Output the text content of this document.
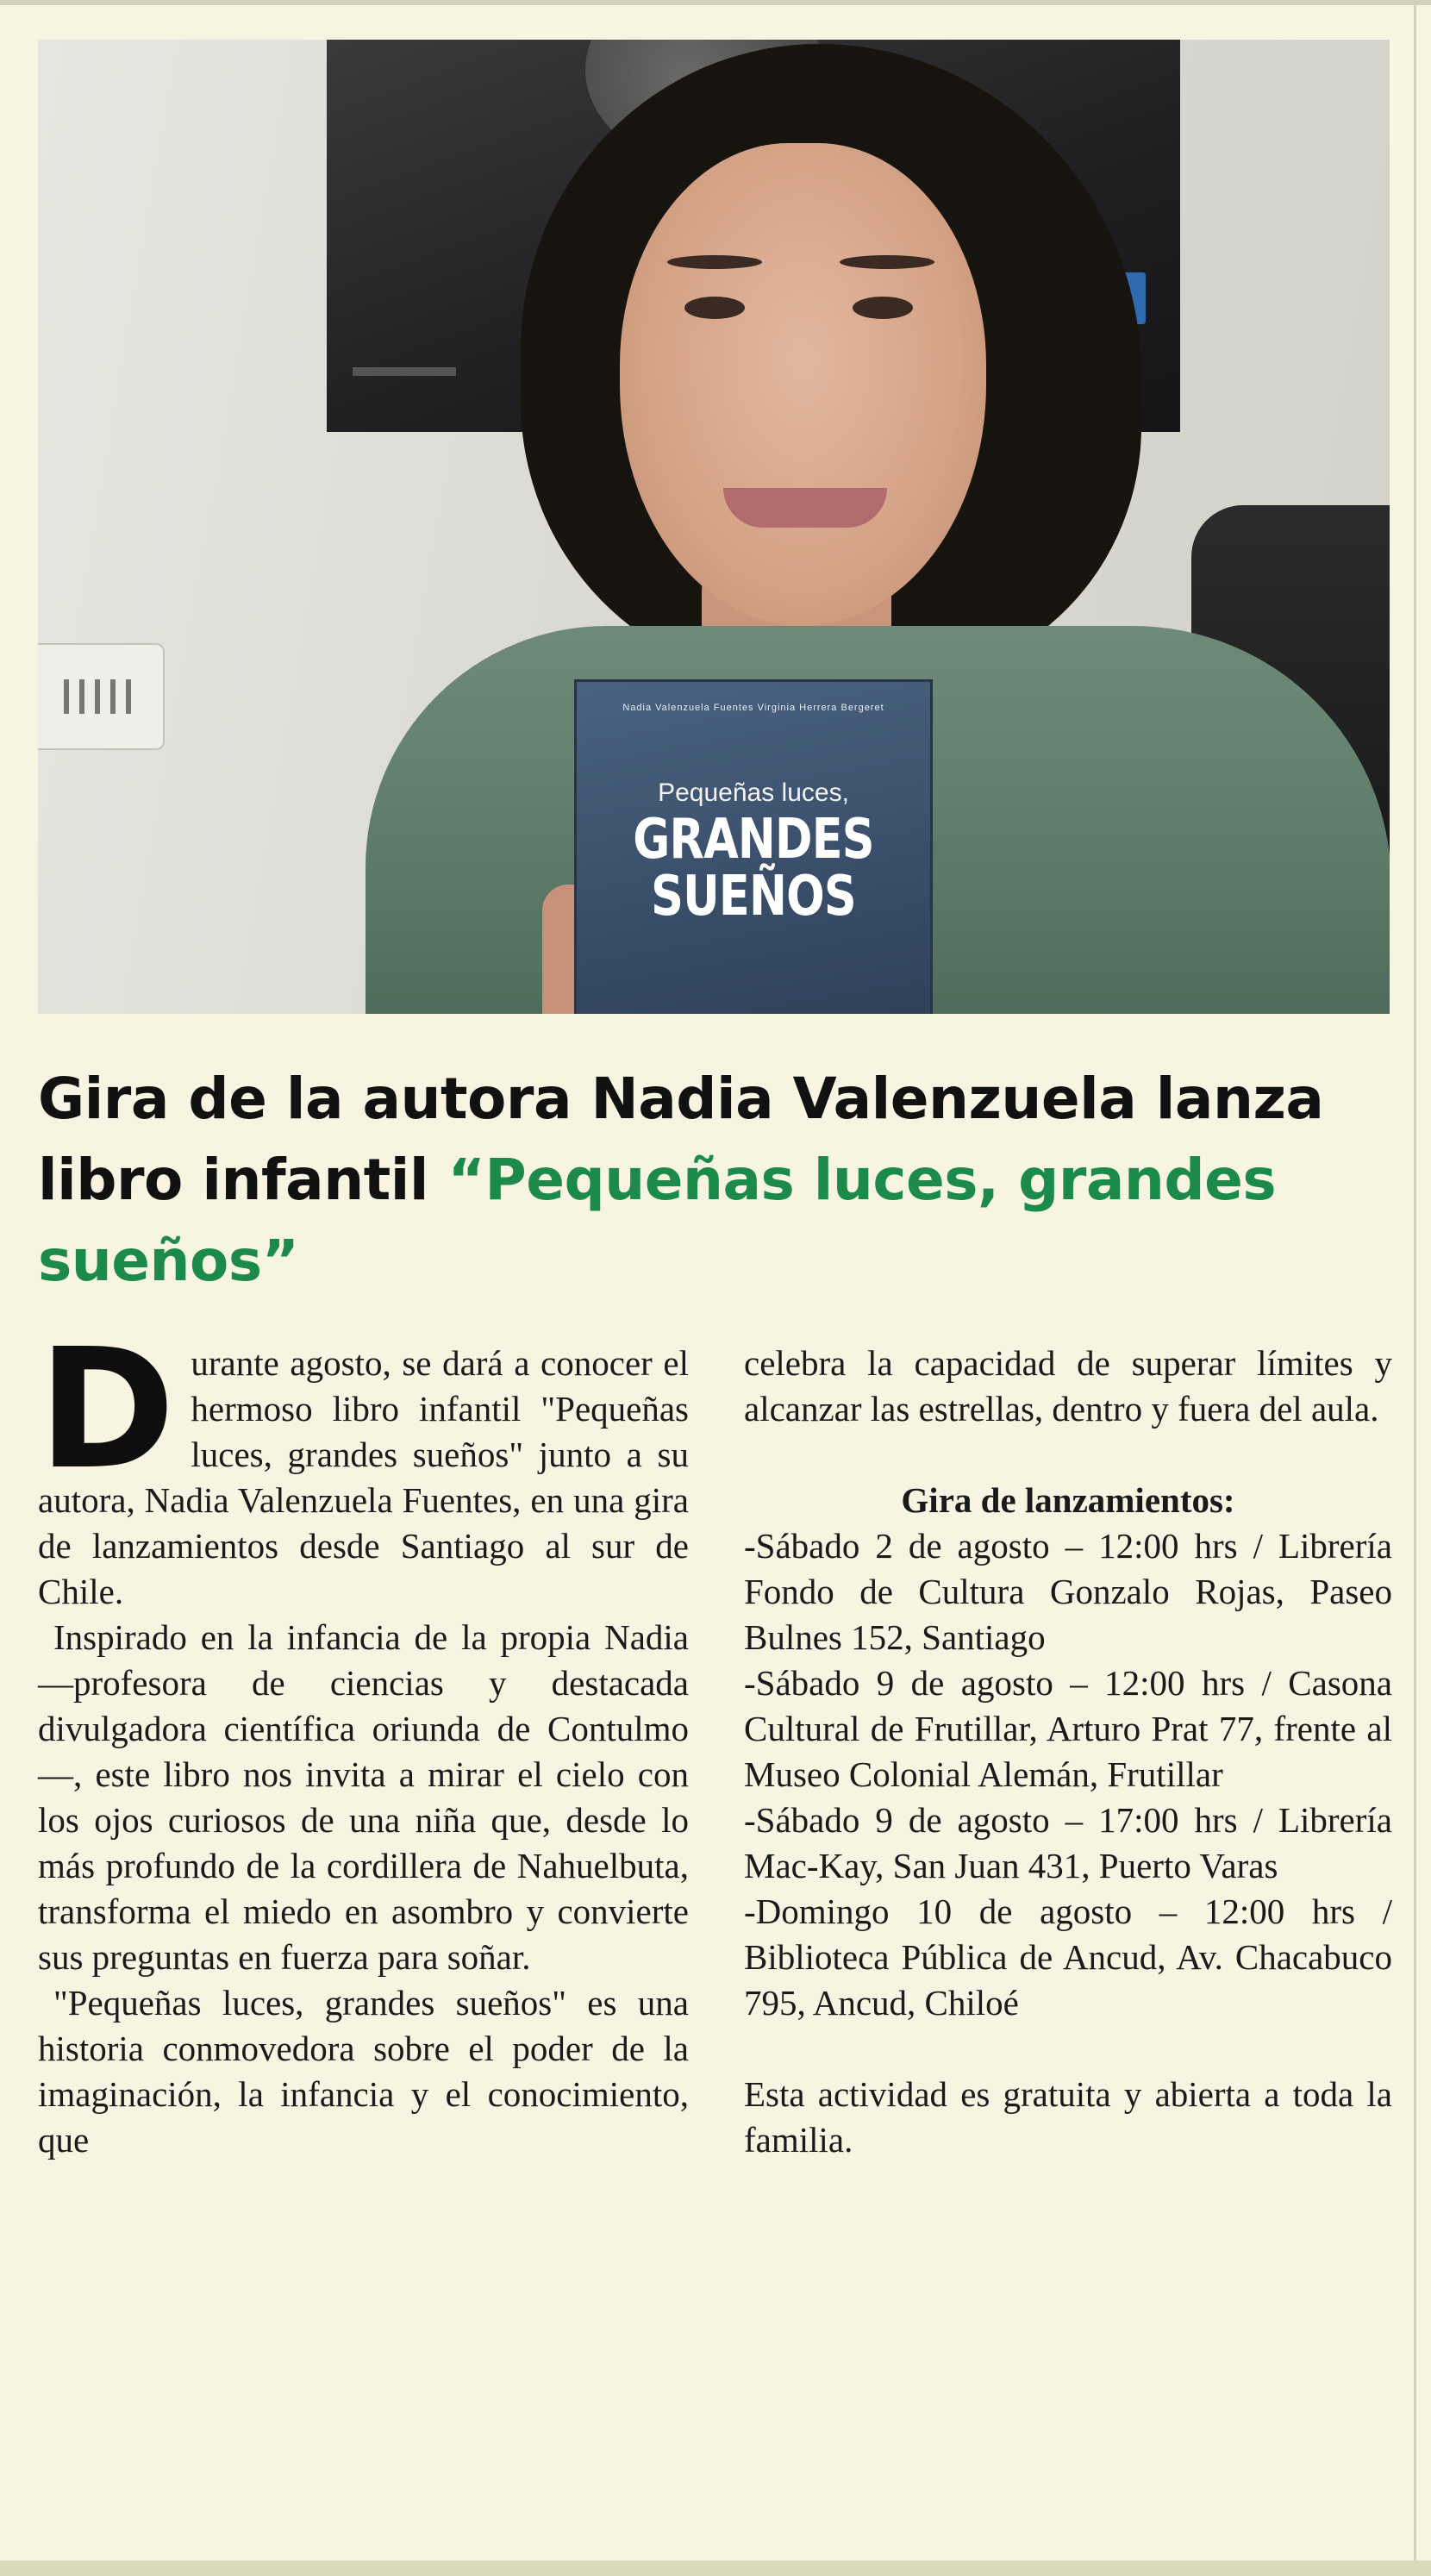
Nadia Valenzuela Fuentes Virginia Herrera Bergeret
Pequeñas luces,
GRANDES
SUEÑOS
Gira de la autora Nadia Valenzuela lanza libro infantil “Pequeñas luces, grandes sueños”

Durante agosto, se dará a conocer el hermoso libro infantil "Pequeñas luces, grandes sueños" junto a su autora, Nadia Valenzuela Fuentes, en una gira de lanzamientos desde Santiago al sur de Chile.

Inspirado en la infancia de la propia Nadia —profesora de ciencias y destacada divulgadora científica oriunda de Contulmo—, este libro nos invita a mirar el cielo con los ojos curiosos de una niña que, desde lo más profundo de la cordillera de Nahuelbuta, transforma el miedo en asombro y convierte sus preguntas en fuerza para soñar.

"Pequeñas luces, grandes sueños" es una historia conmovedora sobre el poder de la imaginación, la infancia y el conocimiento, que

celebra la capacidad de superar límites y alcanzar las estrellas, dentro y fuera del aula.

Gira de lanzamientos:

-Sábado 2 de agosto – 12:00 hrs / Librería Fondo de Cultura Gonzalo Rojas, Paseo Bulnes 152, Santiago

-Sábado 9 de agosto – 12:00 hrs / Casona Cultural de Frutillar, Arturo Prat 77, frente al Museo Colonial Alemán, Frutillar

-Sábado 9 de agosto – 17:00 hrs / Librería Mac-Kay, San Juan 431, Puerto Varas

-Domingo 10 de agosto – 12:00 hrs / Biblioteca Pública de Ancud, Av. Chacabuco 795, Ancud, Chiloé

Esta actividad es gratuita y abierta a toda la familia.
